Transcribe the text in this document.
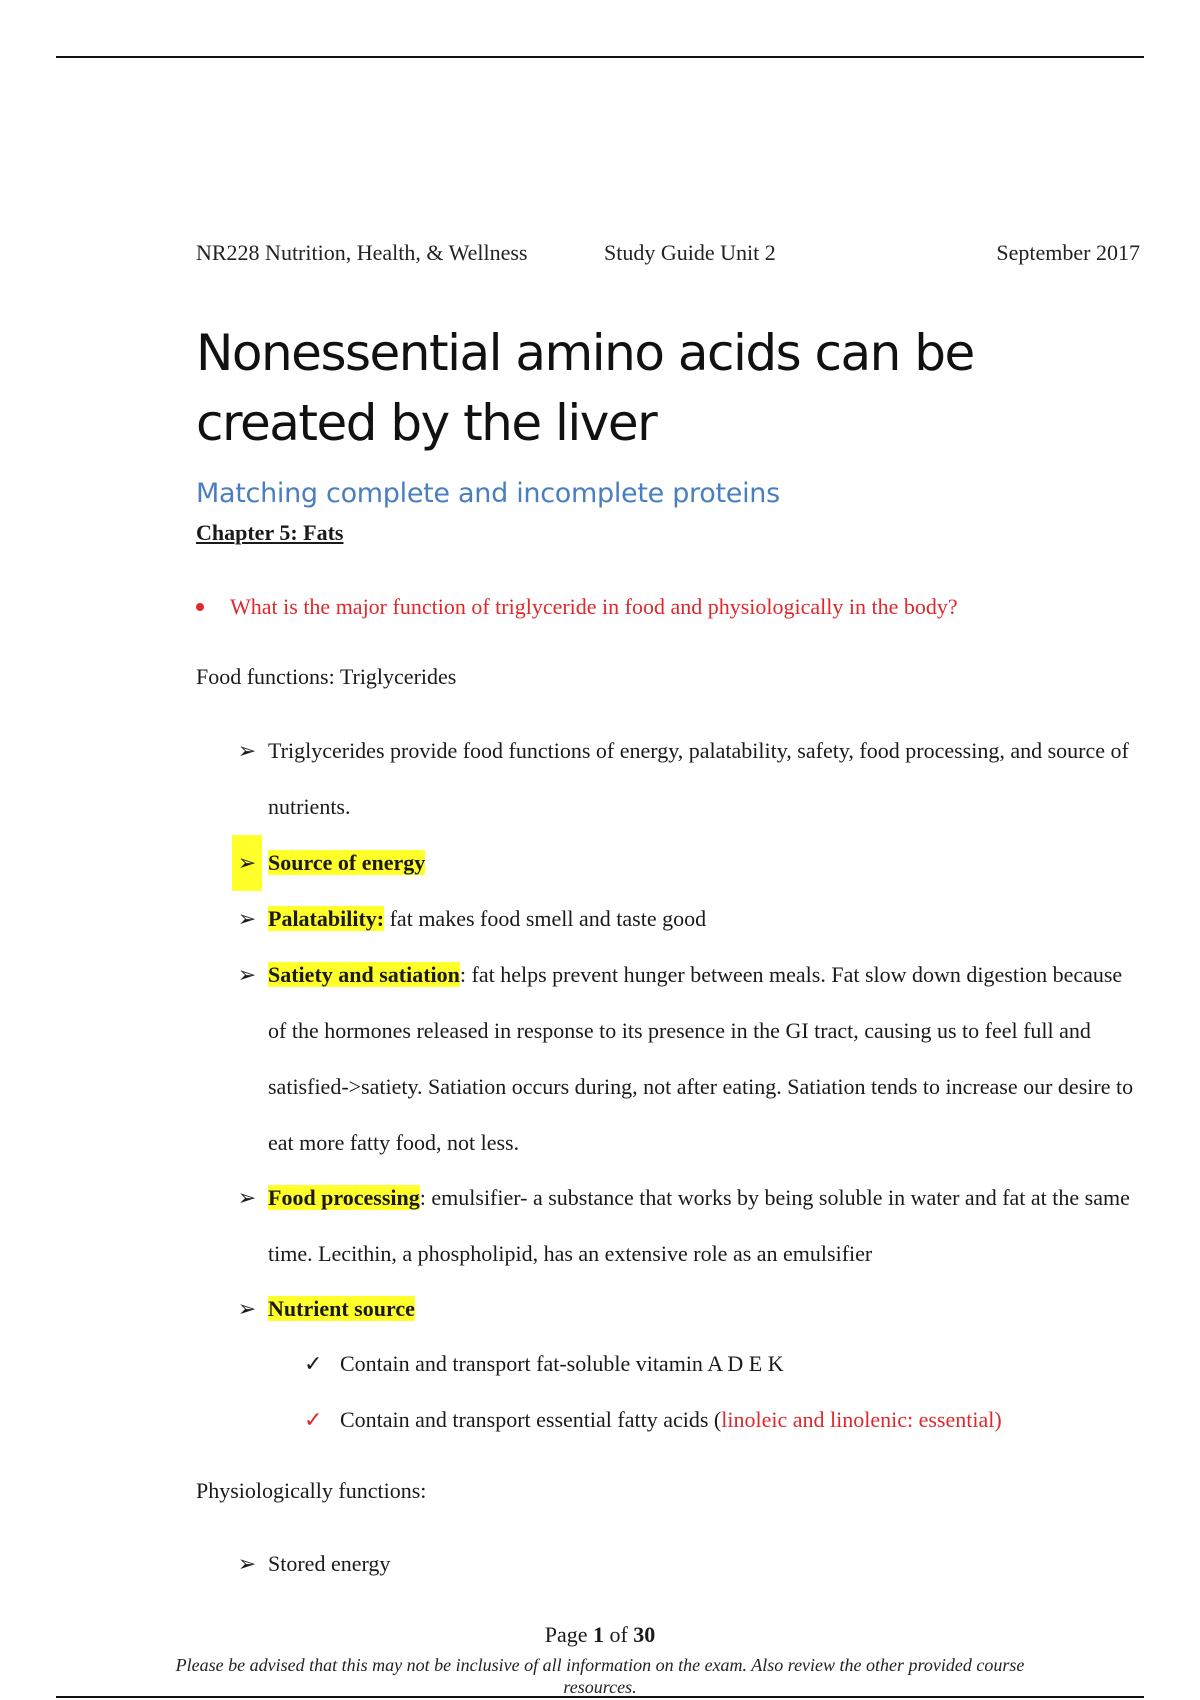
NR228 Nutrition, Health, & Wellness	Study Guide Unit 2	September 2017
Nonessential amino acids can be created by the liver
Matching complete and incomplete proteins
Chapter 5: Fats
What is the major function of triglyceride in food and physiologically in the body?
Food functions: Triglycerides
➢ Triglycerides provide food functions of energy, palatability, safety, food processing, and source of nutrients.
➢ Source of energy
➢ Palatability: fat makes food smell and taste good
➢ Satiety and satiation: fat helps prevent hunger between meals. Fat slow down digestion because of the hormones released in response to its presence in the GI tract, causing us to feel full and satisfied->satiety. Satiation occurs during, not after eating. Satiation tends to increase our desire to eat more fatty food, not less.
➢ Food processing: emulsifier- a substance that works by being soluble in water and fat at the same time. Lecithin, a phospholipid, has an extensive role as an emulsifier
➢ Nutrient source
✓ Contain and transport fat-soluble vitamin A D E K
✓ Contain and transport essential fatty acids (linoleic and linolenic: essential)
Physiologically functions:
➢ Stored energy
Page 1 of 30
Please be advised that this may not be inclusive of all information on the exam. Also review the other provided course resources.
